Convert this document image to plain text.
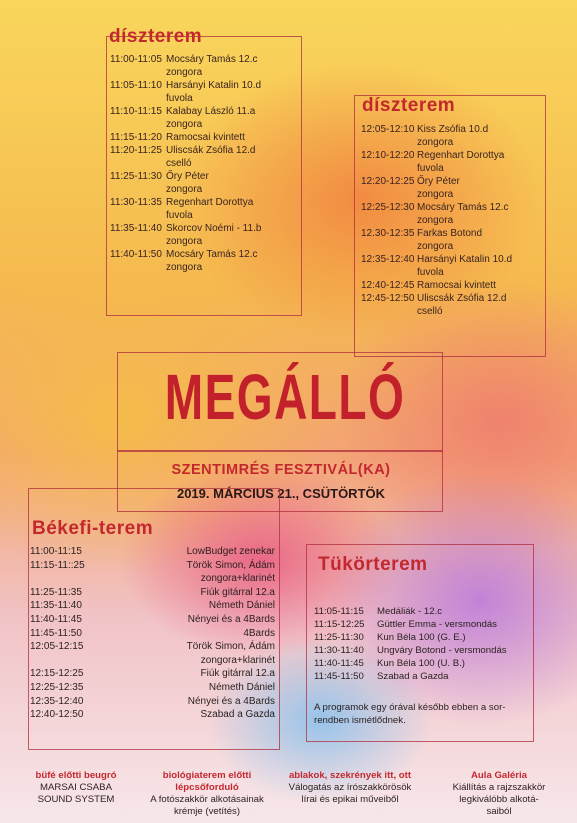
díszterem
11:00-11:05 Mocsáry Tamás 12.c
zongora
11:05-11:10 Harsányi Katalin 10.d
fuvola
11:10-11:15 Kalabay László 11.a
zongora
11:15-11:20 Ramocsai kvintett
11:20-11:25 Uliscsák Zsófia 12.d
cselló
11:25-11:30 Őry Péter
zongora
11:30-11:35 Regenhart Dorottya
fuvola
11:35-11:40 Skorcov Noémi - 11.b
zongora
11:40-11:50 Mocsáry Tamás 12.c
zongora
díszterem
12:05-12:10 Kiss Zsófia 10.d
zongora
12:10-12:20 Regenhart Dorottya
fuvola
12:20-12:25 Őry Péter
zongora
12:25-12:30 Mocsáry Tamás 12.c
zongora
12.30-12:35 Farkas Botond
zongora
12:35-12:40 Harsányi Katalin 10.d
fuvola
12:40-12:45 Ramocsai kvintett
12:45-12:50 Uliscsák Zsófia 12.d
cselló
MEGÁLLÓ
SZENTIMRÉS FESZTIVÁL(KA)
2019. MÁRCIUS 21., CSÜTÖRTÖK
Békefi-terem
11:00-11:15	LowBudget zenekar
11:15-11::25	Török Simon, Ádám
zongora+klarinét
11:25-11:35	Fiúk gitárral 12.a
11:35-11:40	Németh Dániel
11:40-11:45	Nényei és a 4Bards
11:45-11:50	4Bards
12:05-12:15	Török Simon, Ádám
zongora+klarinét
12:15-12:25	Fiúk gitárral 12.a
12:25-12:35	Németh Dániel
12:35-12:40	Nényei és a 4Bards
12:40-12:50	Szabad a Gazda
Tükörterem
11:05-11:15	Medálіák - 12.c
11:15-12:25	Güttler Emma - versmondás
11:25-11:30	Kun Béla 100 (G. E.)
11:30-11:40	Ungváry Botond - versmondás
11:40-11:45	Kun Béla 100 (U. B.)
11:45-11:50	Szabad a Gazda
A programok egy órával később ebben a sor-
rendben ismétlődnek.
büfé előtti beugró
MARSAI CSABA
SOUND SYSTEM
biológiaterem előtti
lépcsőforduló
A fotószakkör alkotásainak
krémje (vetítés)
ablakok, szekrények itt, ott
Válogatás az írószakkörösök
lírai és epikai műveiből
Aula Galéria
Kiállítás a rajzszakkör
legkiválóbb alkotá-
saiból
